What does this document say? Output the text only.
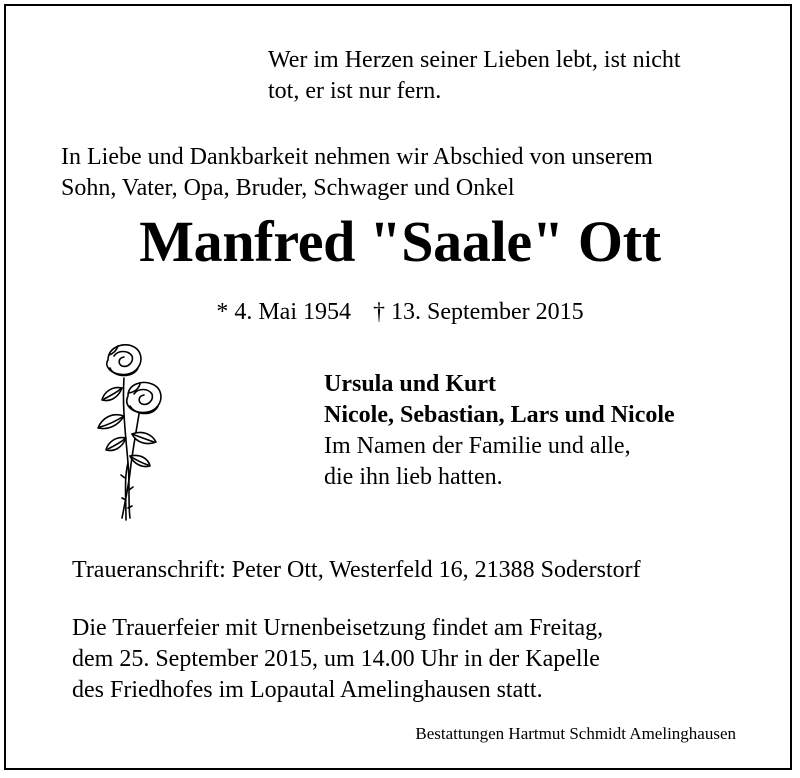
Wer im Herzen seiner Lieben lebt, ist nicht
tot, er ist nur fern.
In Liebe und Dankbarkeit nehmen wir Abschied von unserem
Sohn, Vater, Opa, Bruder, Schwager und Onkel
Manfred "Saale" Ott
* 4. Mai 1954 † 13. September 2015
Ursula und Kurt
Nicole, Sebastian, Lars und Nicole
Im Namen der Familie und alle,
die ihn lieb hatten.
Traueranschrift: Peter Ott, Westerfeld 16, 21388 Soderstorf
Die Trauerfeier mit Urnenbeisetzung findet am Freitag,
dem 25. September 2015, um 14.00 Uhr in der Kapelle
des Friedhofes im Lopautal Amelinghausen statt.
Bestattungen Hartmut Schmidt Amelinghausen
